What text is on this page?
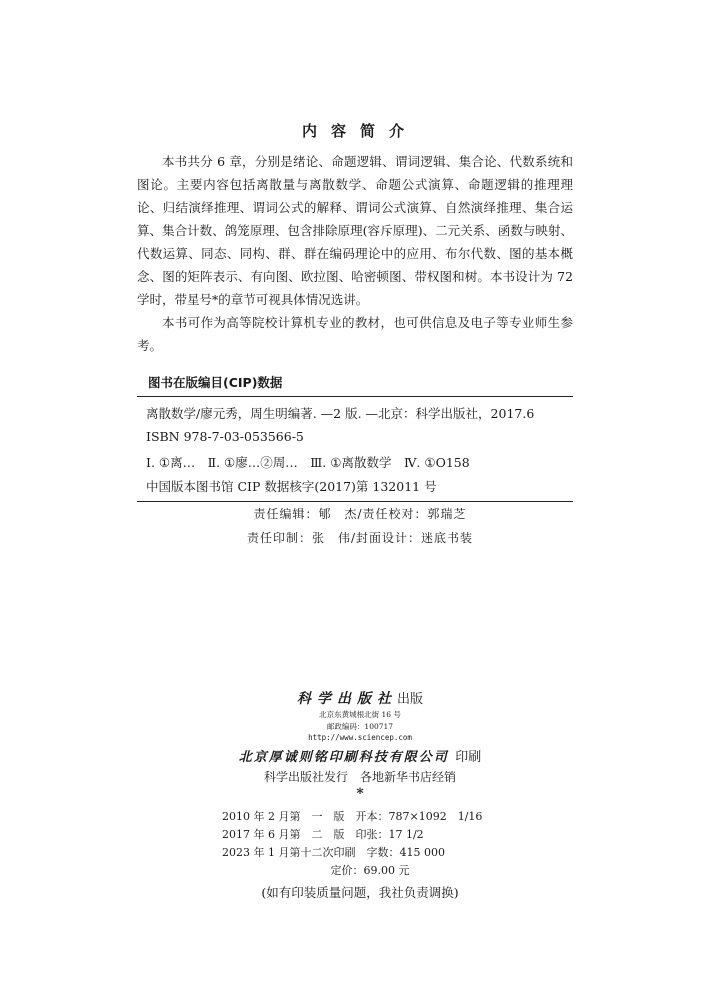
内容简介

本书共分 6 章，分别是绪论、命题逻辑、谓词逻辑、集合论、代数系统和图论。主要内容包括离散量与离散数学、命题公式演算、命题逻辑的推理理论、归结演绎推理、谓词公式的解释、谓词公式演算、自然演绎推理、集合运算、集合计数、鸽笼原理、包含排除原理(容斥原理)、二元关系、函数与映射、代数运算、同态、同构、群、群在编码理论中的应用、布尔代数、图的基本概念、图的矩阵表示、有向图、欧拉图、哈密顿图、带权图和树。本书设计为 72 学时，带星号*的章节可视具体情况选讲。

本书可作为高等院校计算机专业的教材，也可供信息及电子等专业师生参考。

图书在版编目(CIP)数据
离散数学/廖元秀，周生明编著. —2 版. —北京：科学出版社，2017.6
ISBN 978-7-03-053566-5
Ⅰ. ①离…　Ⅱ. ①廖…②周…　Ⅲ. ①离散数学　Ⅳ. ①O158
中国版本图书馆 CIP 数据核字(2017)第 132011 号
责任编辑：郇　杰/责任校对：郭瑞芝
责任印制：张　伟/封面设计：迷底书装
科学出版社出版
北京东黄城根北街 16 号
邮政编码：100717
http://www.sciencep.com
北京厚诚则铭印刷科技有限公司 印刷
科学出版社发行　各地新华书店经销
*
2010 年 2 月第　一　版　开本：787×1092　1/16
2017 年 6 月第　二　版　印张：17 1/2
2023 年 1 月第十二次印刷　字数：415 000
定价：69.00 元
(如有印装质量问题，我社负责调换)
